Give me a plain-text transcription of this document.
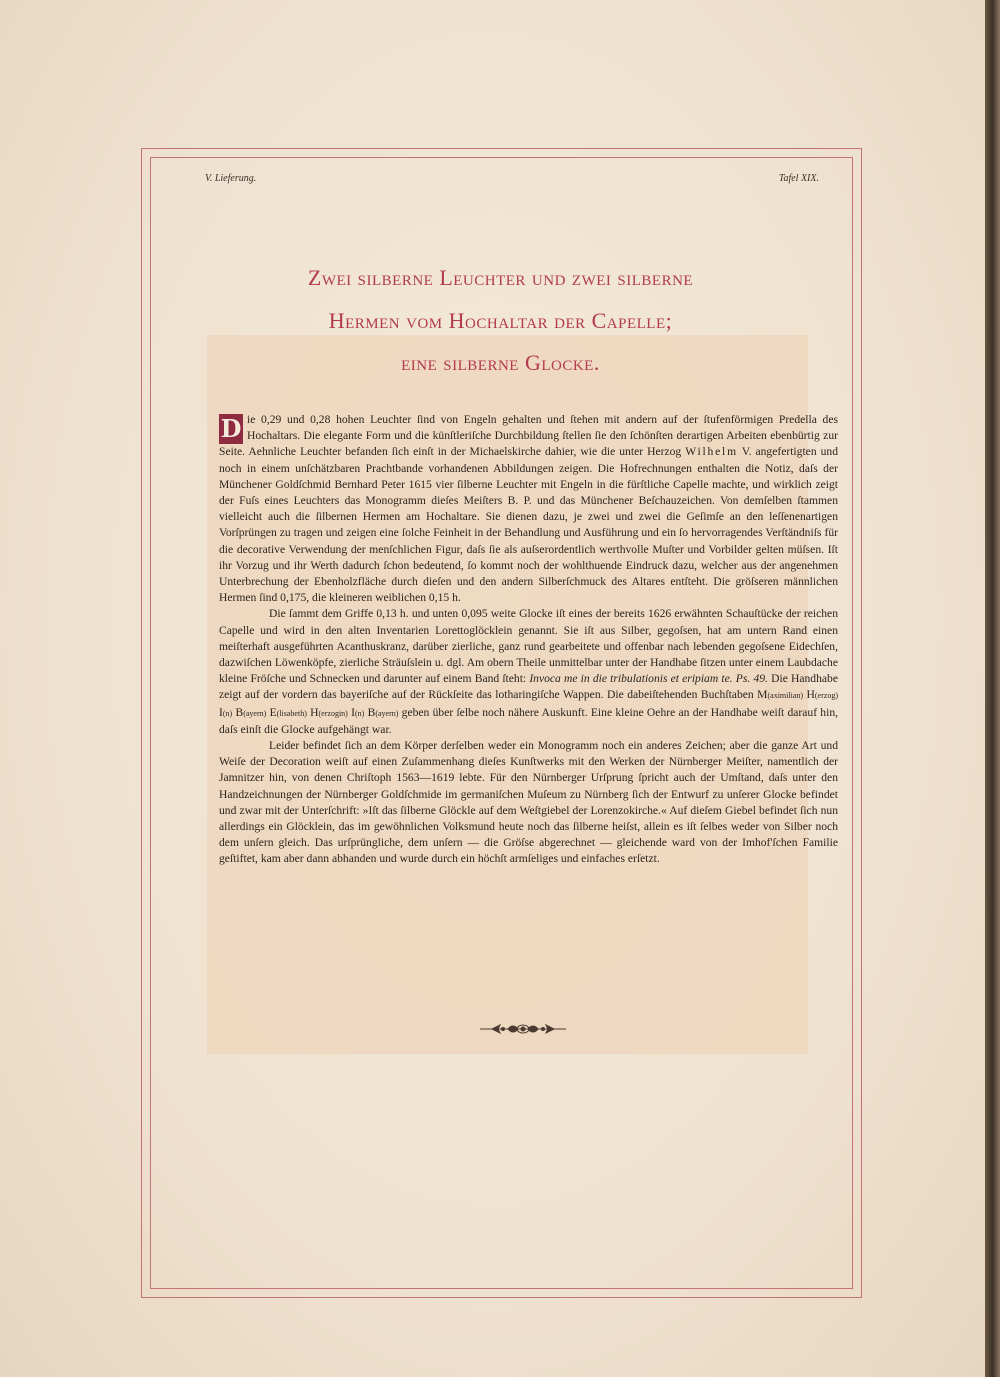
V. Lieferung.	Tafel XIX.
Zwei silberne Leuchter und zwei silberne
Hermen vom Hochaltar der Capelle;
eine silberne Glocke.

D ie 0,29 und 0,28 hohen Leuchter ſind von Engeln gehalten und ſtehen mit andern auf der ſtufenförmigen Predella des Hochaltars. Die elegante Form und die künſtleriſche Durchbildung ſtellen ſie den ſchönſten derartigen Arbeiten ebenbürtig zur Seite. Aehnliche Leuchter befanden ſich einſt in der Michaelskirche dahier, wie die unter Herzog Wilhelm V. angefertigten und noch in einem unſchätzbaren Prachtbande vorhandenen Abbildungen zeigen. Die Hofrechnungen enthalten die Notiz, daſs der Münchener Goldſchmid Bernhard Peter 1615 vier ſilberne Leuchter mit Engeln in die fürſtliche Capelle machte, und wirklich zeigt der Fuſs eines Leuchters das Monogramm dieſes Meiſters B. P. und das Münchener Beſchauzeichen. Von demſelben ſtammen vielleicht auch die ſilbernen Hermen am Hochaltare. Sie dienen dazu, je zwei und zwei die Geſimſe an den leſſenenartigen Vorſprüngen zu tragen und zeigen eine ſolche Feinheit in der Behandlung und Ausführung und ein ſo hervorragendes Verſtändniſs für die decorative Verwendung der menſchlichen Figur, daſs ſie als auſserordentlich werthvolle Muſter und Vorbilder gelten müſsen. Iſt ihr Vorzug und ihr Werth dadurch ſchon bedeutend, ſo kommt noch der wohlthuende Eindruck dazu, welcher aus der angenehmen Unterbrechung der Ebenholzfläche durch dieſen und den andern Silberſchmuck des Altares entſteht. Die gröſseren männlichen Hermen ſind 0,175, die kleineren weiblichen 0,15 h.

Die ſammt dem Griffe 0,13 h. und unten 0,095 weite Glocke iſt eines der bereits 1626 erwähnten Schauſtücke der reichen Capelle und wird in den alten Inventarien Lorettoglöcklein genannt. Sie iſt aus Silber, gegoſsen, hat am untern Rand einen meiſterhaft ausgeführten Acanthuskranz, darüber zierliche, ganz rund gearbeitete und offenbar nach lebenden gegoſsene Eidechſen, dazwiſchen Löwenköpfe, zierliche Sträuſslein u. dgl. Am obern Theile unmittelbar unter der Handhabe ſitzen unter einem Laubdache kleine Fröſche und Schnecken und darunter auf einem Band ſteht: Invoca me in die tribulationis et eripiam te. Ps. 49. Die Handhabe zeigt auf der vordern das bayeriſche auf der Rückſeite das lotharingiſche Wappen. Die dabeiſtehenden Buchſtaben M(aximilian) H(erzog) I(n) B(ayern) E(lisabeth) H(erzogin) I(n) B(ayern) geben über ſelbe noch nähere Auskunft. Eine kleine Oehre an der Handhabe weiſt darauf hin, daſs einſt die Glocke aufgehängt war.

Leider befindet ſich an dem Körper derſelben weder ein Monogramm noch ein anderes Zeichen; aber die ganze Art und Weiſe der Decoration weiſt auf einen Zuſammenhang dieſes Kunſtwerks mit den Werken der Nürnberger Meiſter, namentlich der Jamnitzer hin, von denen Chriſtoph 1563—1619 lebte. Für den Nürnberger Urſprung ſpricht auch der Umſtand, daſs unter den Handzeichnungen der Nürnberger Goldſchmide im germaniſchen Muſeum zu Nürnberg ſich der Entwurf zu unſerer Glocke befindet und zwar mit der Unterſchrift: »Iſt das ſilberne Glöckle auf dem Weſtgiebel der Lorenzokirche.« Auf dieſem Giebel befindet ſich nun allerdings ein Glöcklein, das im gewöhnlichen Volksmund heute noch das ſilberne heiſst, allein es iſt ſelbes weder von Silber noch dem unſern gleich. Das urſprüngliche, dem unſern — die Gröſse abgerechnet — gleichende ward von der Imhof'ſchen Familie geſtiftet, kam aber dann abhanden und wurde durch ein höchſt armſeliges und einfaches erſetzt.
